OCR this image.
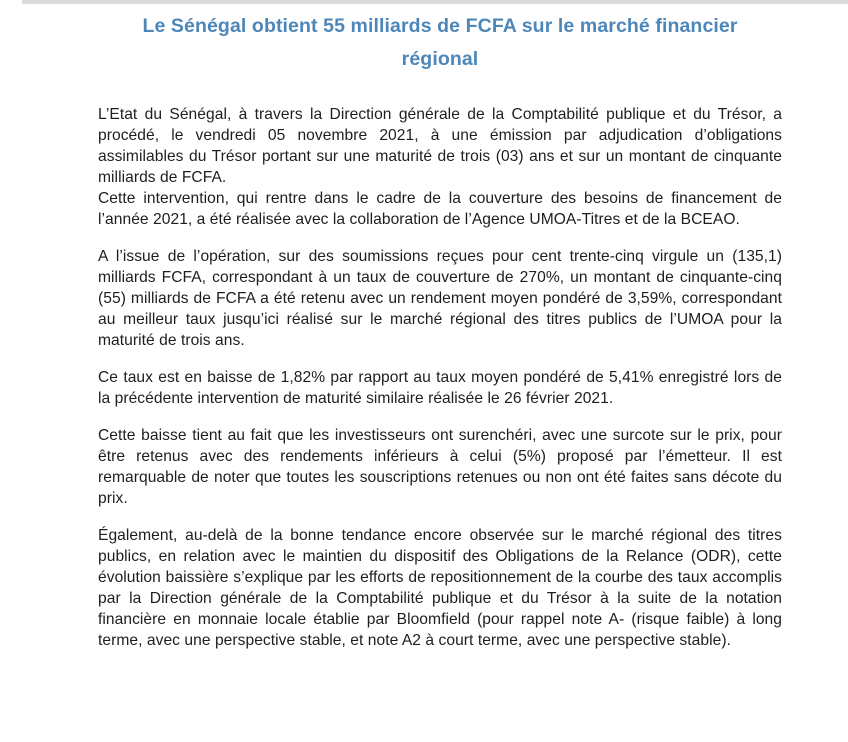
Le Sénégal obtient 55 milliards de FCFA sur le marché financier
régional

L’Etat du Sénégal, à travers la Direction générale de la Comptabilité publique et du Trésor, a procédé, le vendredi 05 novembre 2021, à une émission par adjudication d’obligations assimilables du Trésor portant sur une maturité de trois (03) ans et sur un montant de cinquante milliards de FCFA.

Cette intervention, qui rentre dans le cadre de la couverture des besoins de financement de l’année 2021, a été réalisée avec la collaboration de l’Agence UMOA-Titres et de la BCEAO.

A l’issue de l’opération, sur des soumissions reçues pour cent trente-cinq virgule un (135,1) milliards FCFA, correspondant à un taux de couverture de 270%, un montant de cinquante-cinq (55) milliards de FCFA a été retenu avec un rendement moyen pondéré de 3,59%, correspondant au meilleur taux jusqu’ici réalisé sur le marché régional des titres publics de l’UMOA pour la maturité de trois ans.

Ce taux est en baisse de 1,82% par rapport au taux moyen pondéré de 5,41% enregistré lors de la précédente intervention de maturité similaire réalisée le 26 février 2021.

Cette baisse tient au fait que les investisseurs ont surenchéri, avec une surcote sur le prix, pour être retenus avec des rendements inférieurs à celui (5%) proposé par l’émetteur. Il est remarquable de noter que toutes les souscriptions retenues ou non ont été faites sans décote du prix.

Également, au-delà de la bonne tendance encore observée sur le marché régional des titres publics, en relation avec le maintien du dispositif des Obligations de la Relance (ODR), cette évolution baissière s’explique par les efforts de repositionnement de la courbe des taux accomplis par la Direction générale de la Comptabilité publique et du Trésor à la suite de la notation financière en monnaie locale établie par Bloomfield (pour rappel note A- (risque faible) à long terme, avec une perspective stable, et note A2 à court terme, avec une perspective stable).
